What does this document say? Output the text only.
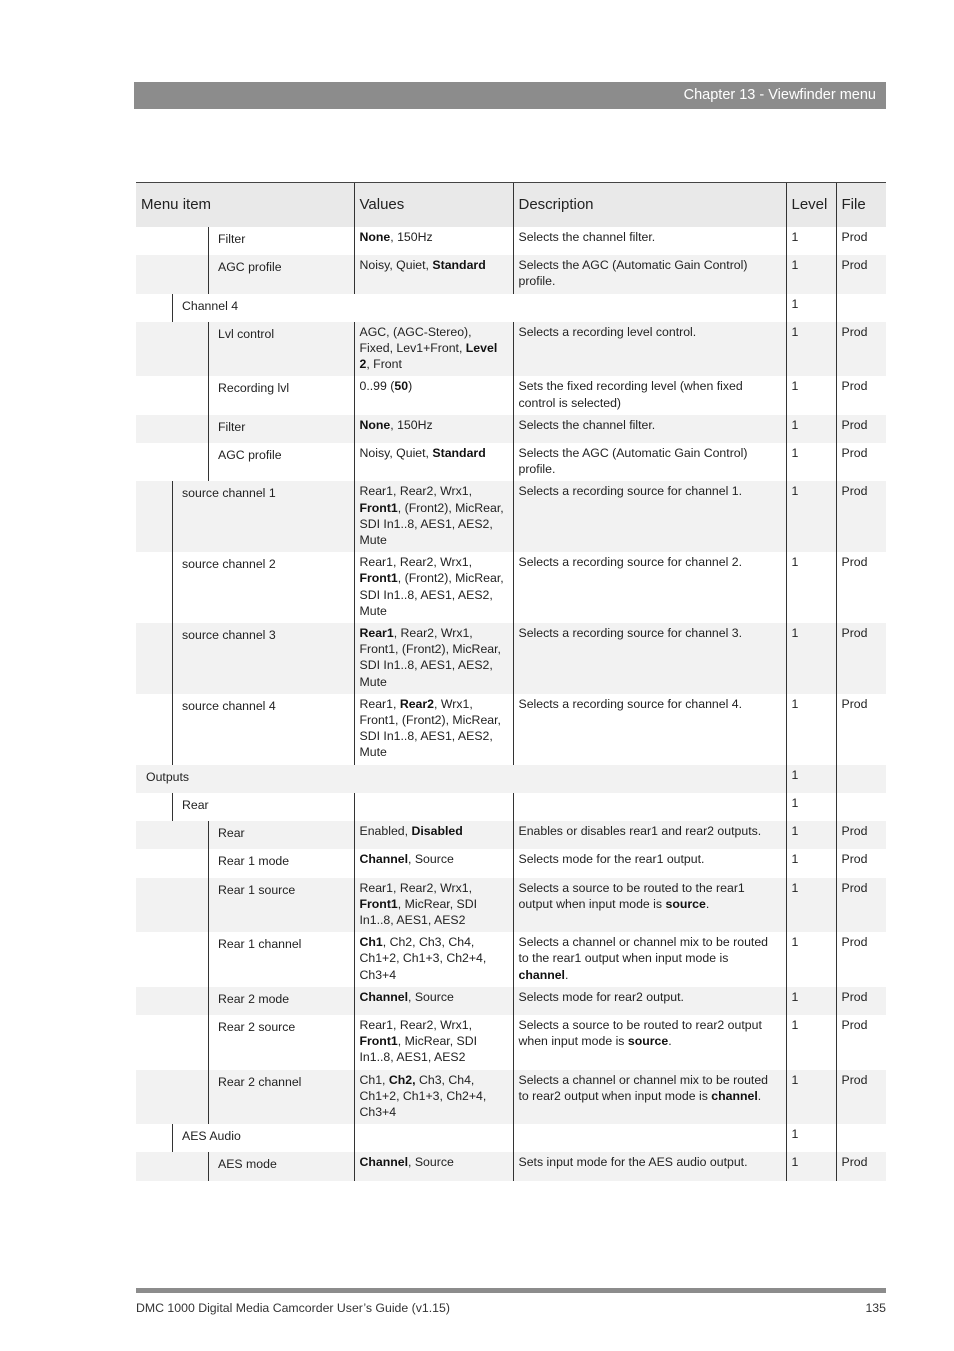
Chapter 13 - Viewfinder menu
Menu item	Values	Description	Level	File

Filter	None, 150Hz	Selects the channel filter.	1	Prod

AGC profile	Noisy, Quiet, Standard	Selects the AGC (Automatic Gain Control) profile.	1	Prod

Channel 4			1	

Lvl control	AGC, (AGC-Stereo), Fixed, Lev1+Front, Level 2, Front	Selects a recording level control.	1	Prod

Recording lvl	0..99 (50)	Sets the fixed recording level (when fixed control is selected)	1	Prod

Filter	None, 150Hz	Selects the channel filter.	1	Prod

AGC profile	Noisy, Quiet, Standard	Selects the AGC (Automatic Gain Control) profile.	1	Prod

source channel 1	Rear1, Rear2, Wrx1, Front1, (Front2), MicRear, SDI In1..8, AES1, AES2, Mute	Selects a recording source for channel 1.	1	Prod

source channel 2	Rear1, Rear2, Wrx1, Front1, (Front2), MicRear, SDI In1..8, AES1, AES2, Mute	Selects a recording source for channel 2.	1	Prod

source channel 3	Rear1, Rear2, Wrx1, Front1, (Front2), MicRear, SDI In1..8, AES1, AES2, Mute	Selects a recording source for channel 3.	1	Prod

source channel 4	Rear1, Rear2, Wrx1, Front1, (Front2), MicRear, SDI In1..8, AES1, AES2, Mute	Selects a recording source for channel 4.	1	Prod

Outputs			1	

Rear			1	

Rear	Enabled, Disabled	Enables or disables rear1 and rear2 outputs.	1	Prod

Rear 1 mode	Channel, Source	Selects mode for the rear1 output.	1	Prod

Rear 1 source	Rear1, Rear2, Wrx1, Front1, MicRear, SDI In1..8, AES1, AES2	Selects a source to be routed to the rear1 output when input mode is source.	1	Prod

Rear 1 channel	Ch1, Ch2, Ch3, Ch4, Ch1+2, Ch1+3, Ch2+4, Ch3+4	Selects a channel or channel mix to be routed to the rear1 output when input mode is channel.	1	Prod

Rear 2 mode	Channel, Source	Selects mode for rear2 output.	1	Prod

Rear 2 source	Rear1, Rear2, Wrx1, Front1, MicRear, SDI In1..8, AES1, AES2	Selects a source to be routed to rear2 output when input mode is source.	1	Prod

Rear 2 channel	Ch1, Ch2, Ch3, Ch4, Ch1+2, Ch1+3, Ch2+4, Ch3+4	Selects a channel or channel mix to be routed to rear2 output when input mode is channel.	1	Prod

AES Audio			1	

AES mode	Channel, Source	Sets input mode for the AES audio output.	1	Prod
DMC 1000 Digital Media Camcorder User’s Guide (v1.15)	135
